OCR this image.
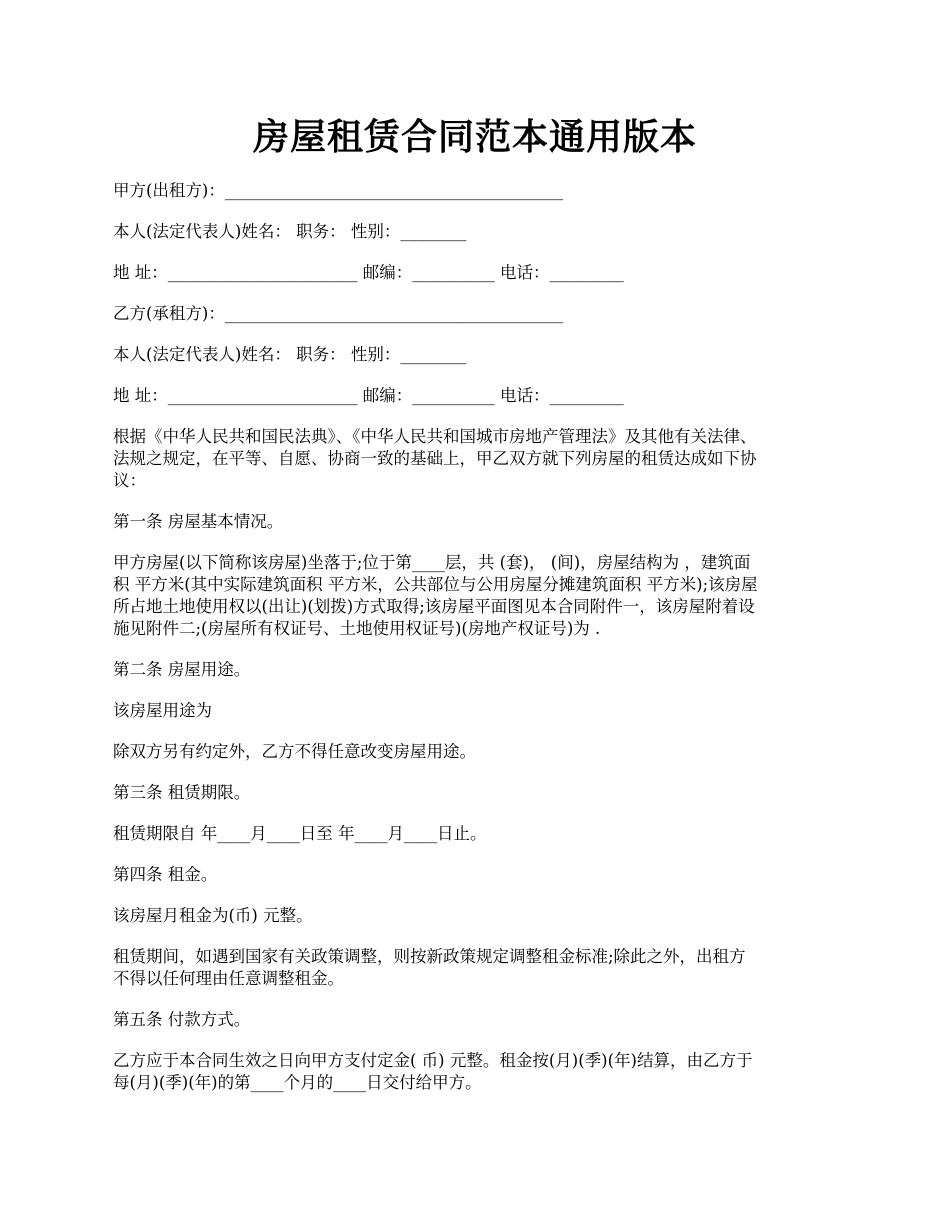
房屋租赁合同范本通用版本
甲方(出租方)：_________________________________________
本人(法定代表人)姓名： 职务： 性别：________
地 址：_______________________ 邮编：__________ 电话：_________
乙方(承租方)：_________________________________________
本人(法定代表人)姓名： 职务： 性别：________
地 址：_______________________ 邮编：__________ 电话：_________
根据《中华人民共和国民法典》、《中华人民共和国城市房地产管理法》及其他有关法律、
法规之规定，在平等、自愿、协商一致的基础上，甲乙双方就下列房屋的租赁达成如下协
议：
第一条 房屋基本情况。
甲方房屋(以下简称该房屋)坐落于;位于第____层，共 (套)， (间)，房屋结构为 ，建筑面
积 平方米(其中实际建筑面积 平方米，公共部位与公用房屋分摊建筑面积 平方米);该房屋
所占地土地使用权以(出让)(划拨)方式取得;该房屋平面图见本合同附件一，该房屋附着设
施见附件二;(房屋所有权证号、土地使用权证号)(房地产权证号)为 .
第二条 房屋用途。
该房屋用途为
除双方另有约定外，乙方不得任意改变房屋用途。
第三条 租赁期限。
租赁期限自 年____月____日至 年____月____日止。
第四条 租金。
该房屋月租金为(币) 元整。
租赁期间，如遇到国家有关政策调整，则按新政策规定调整租金标准;除此之外，出租方
不得以任何理由任意调整租金。
第五条 付款方式。
乙方应于本合同生效之日向甲方支付定金( 币) 元整。租金按(月)(季)(年)结算，由乙方于
每(月)(季)(年)的第____个月的____日交付给甲方。
